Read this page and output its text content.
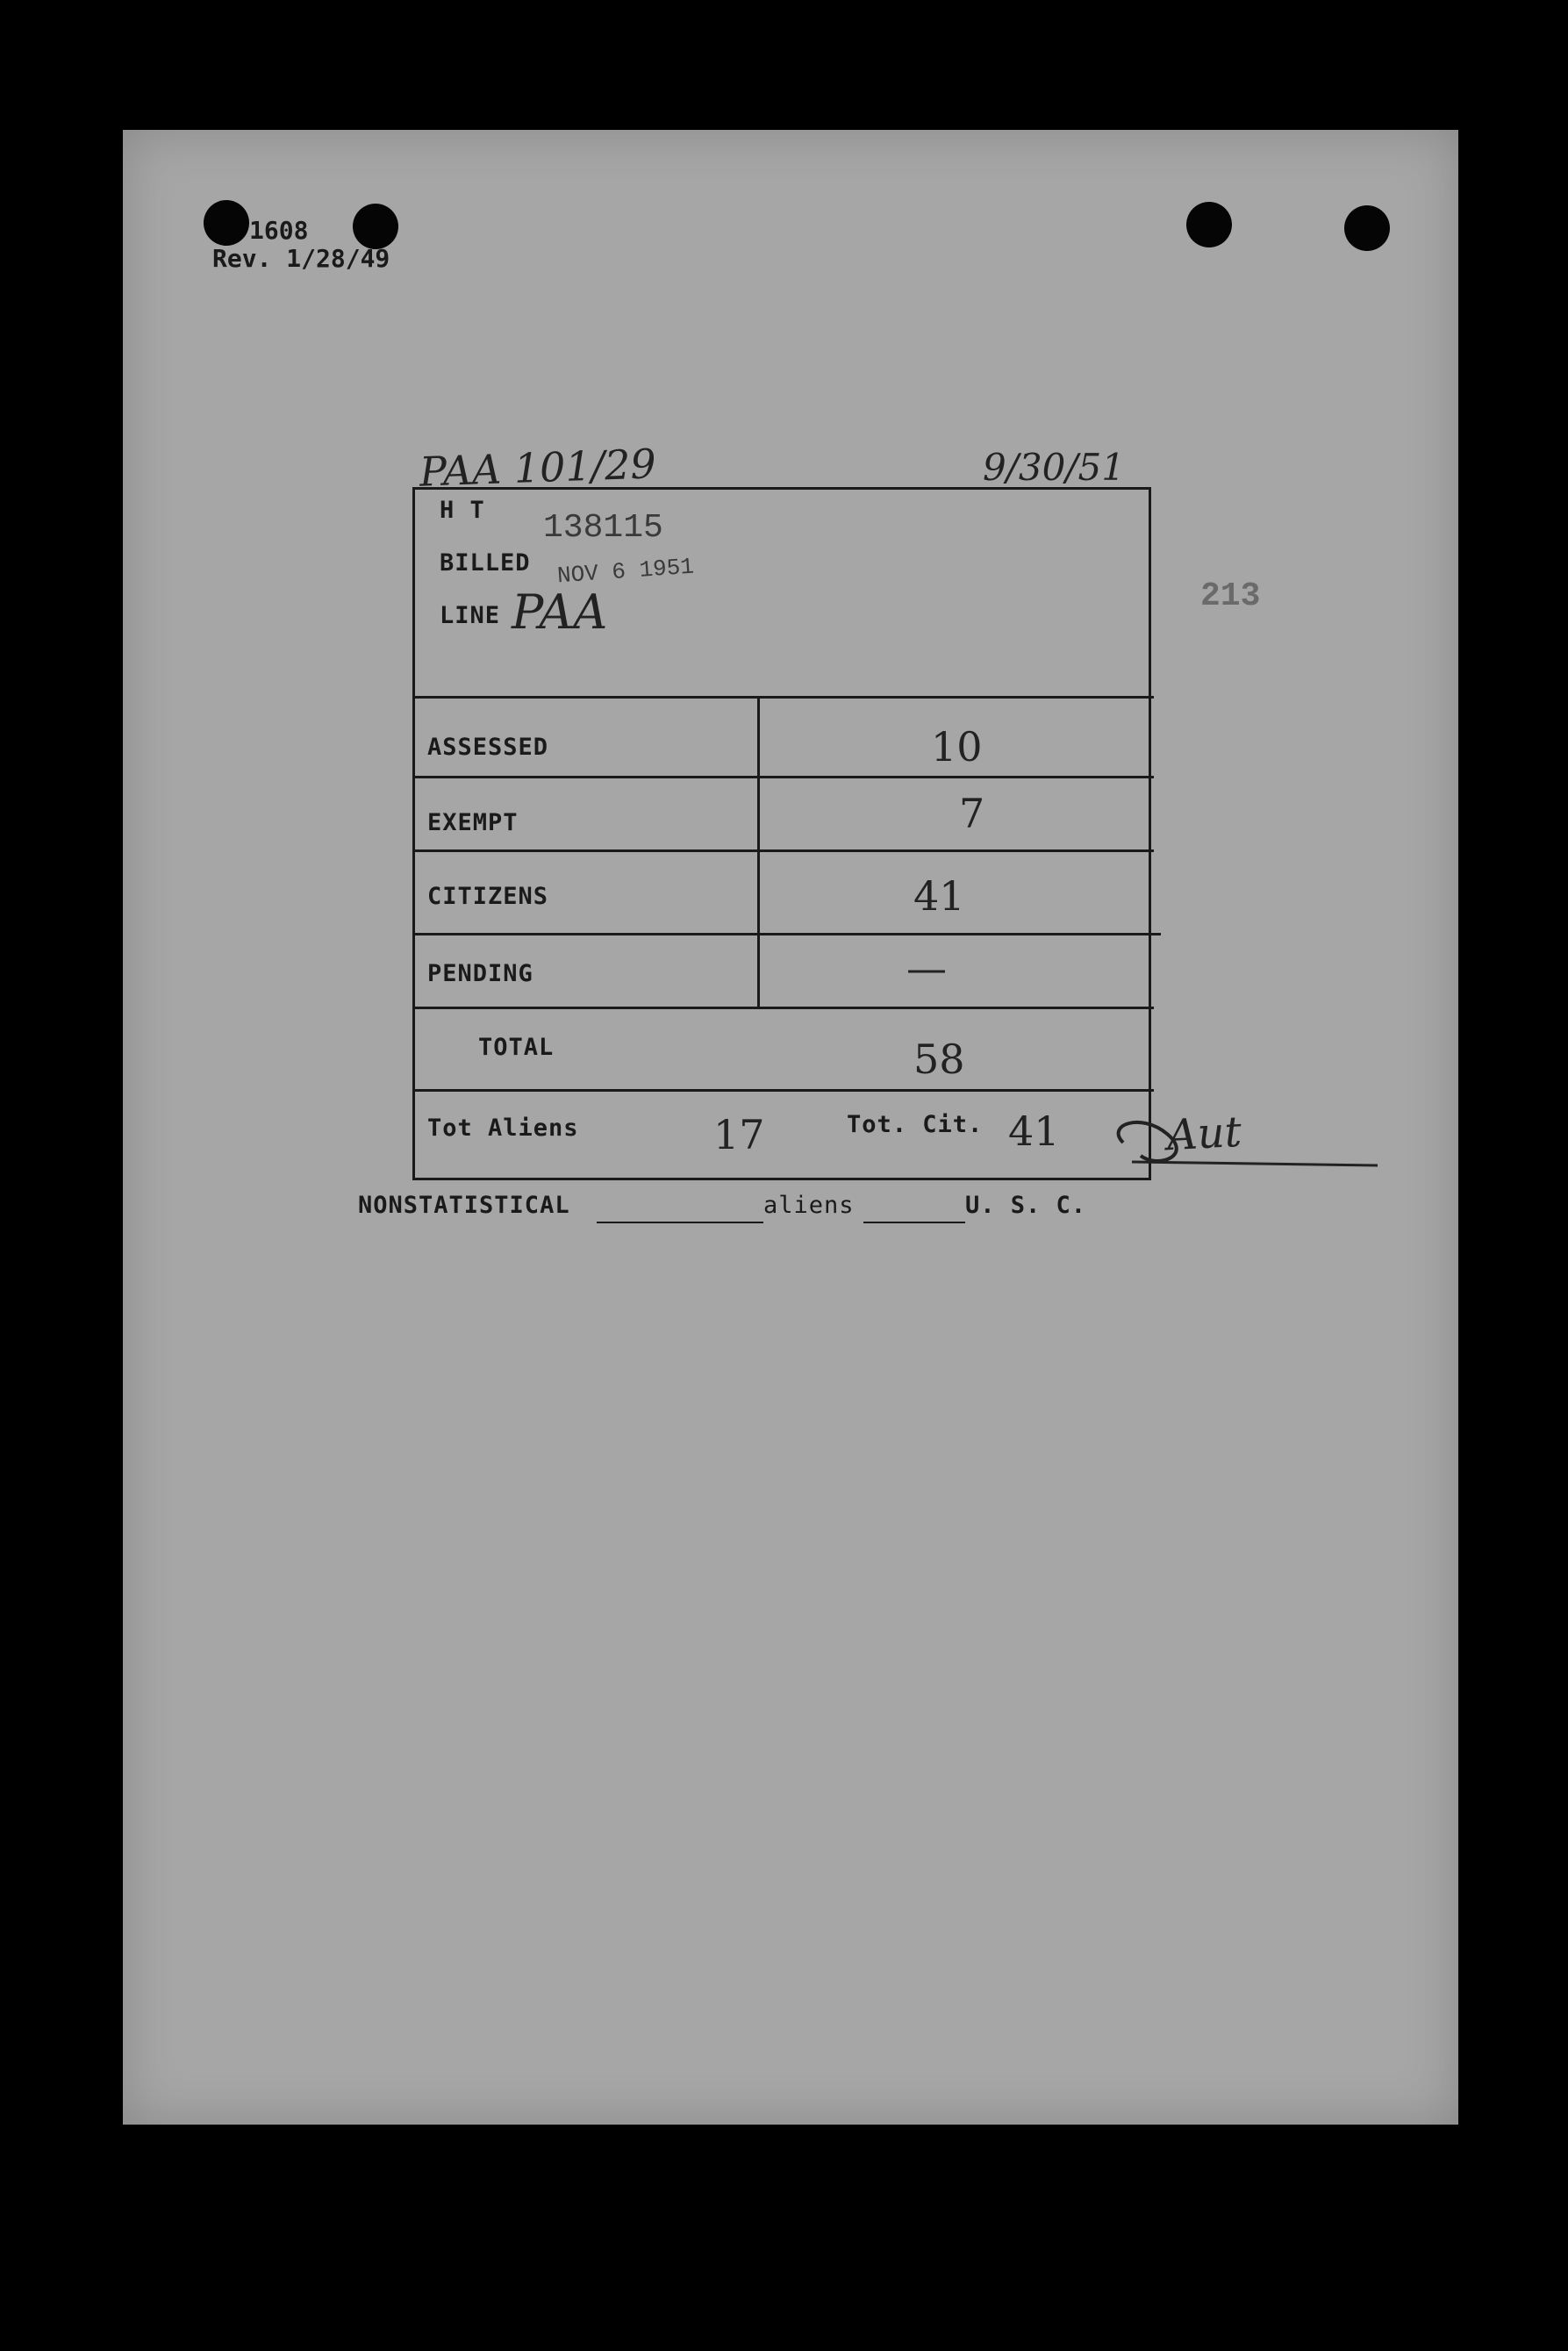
1608
Rev. 1/28/49
PAA 101/29	9/30/51
213
H T 138115
BILLED NOV 6 1951
LINE PAA
ASSESSED	10
EXEMPT	7
CITIZENS	41
PENDING	—
TOTAL	58
Tot Aliens	17	Tot. Cit. 41	Aut
NONSTATISTICAL	aliens	U. S. C.
